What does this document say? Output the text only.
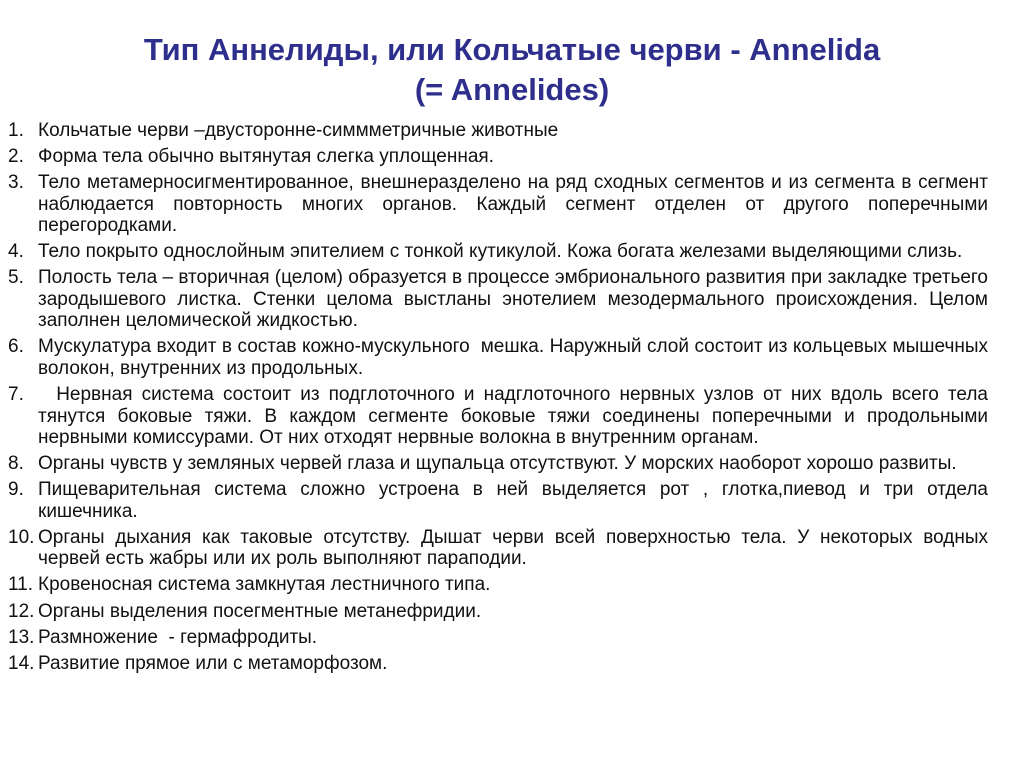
Тип Аннелиды, или Кольчатые черви - Annelida
(= Annelides)
1. Кольчатые черви –двусторонне-симмметричные животные
2. Форма тела обычно вытянутая слегка уплощенная.
3. Тело метамерносигментированное, внешнеразделено на ряд сходных сегментов и из сегмента в сегмент наблюдается повторность многих органов. Каждый сегмент отделен от другого поперечными перегородками.
4. Тело покрыто однослойным эпителием с тонкой кутикулой. Кожа богата железами выделяющими слизь.
5. Полость тела – вторичная (целом) образуется в процессе эмбрионального развития при закладке третьего зародышевого листка. Стенки целома выстланы энотелием мезодермального происхождения. Целом заполнен целомической жидкостью.
6. Мускулатура входит в состав кожно-мускульного  мешка. Наружный слой состоит из кольцевых мышечных волокон, внутренних из продольных.
7. Нервная система состоит из подглоточного и надглоточного нервных узлов от них вдоль всего тела тянутся боковые тяжи. В каждом сегменте боковые тяжи соединены поперечными и продольными нервными комиссурами. От них отходят нервные волокна в внутренним органам.
8. Органы чувств у земляных червей глаза и щупальца отсутствуют. У морских наоборот хорошо развиты.
9. Пищеварительная система сложно устроена в ней выделяется рот , глотка,пиевод и три отдела кишечника.
10. Органы дыхания как таковые отсутству. Дышат черви всей поверхностью тела. У некоторых водных червей есть жабры или их роль выполняют параподии.
11. Кровеносная система замкнутая лестничного типа.
12. Органы выделения посегментные метанефридии.
13. Размножение  - гермафродиты.
14. Развитие прямое или с метаморфозом.
